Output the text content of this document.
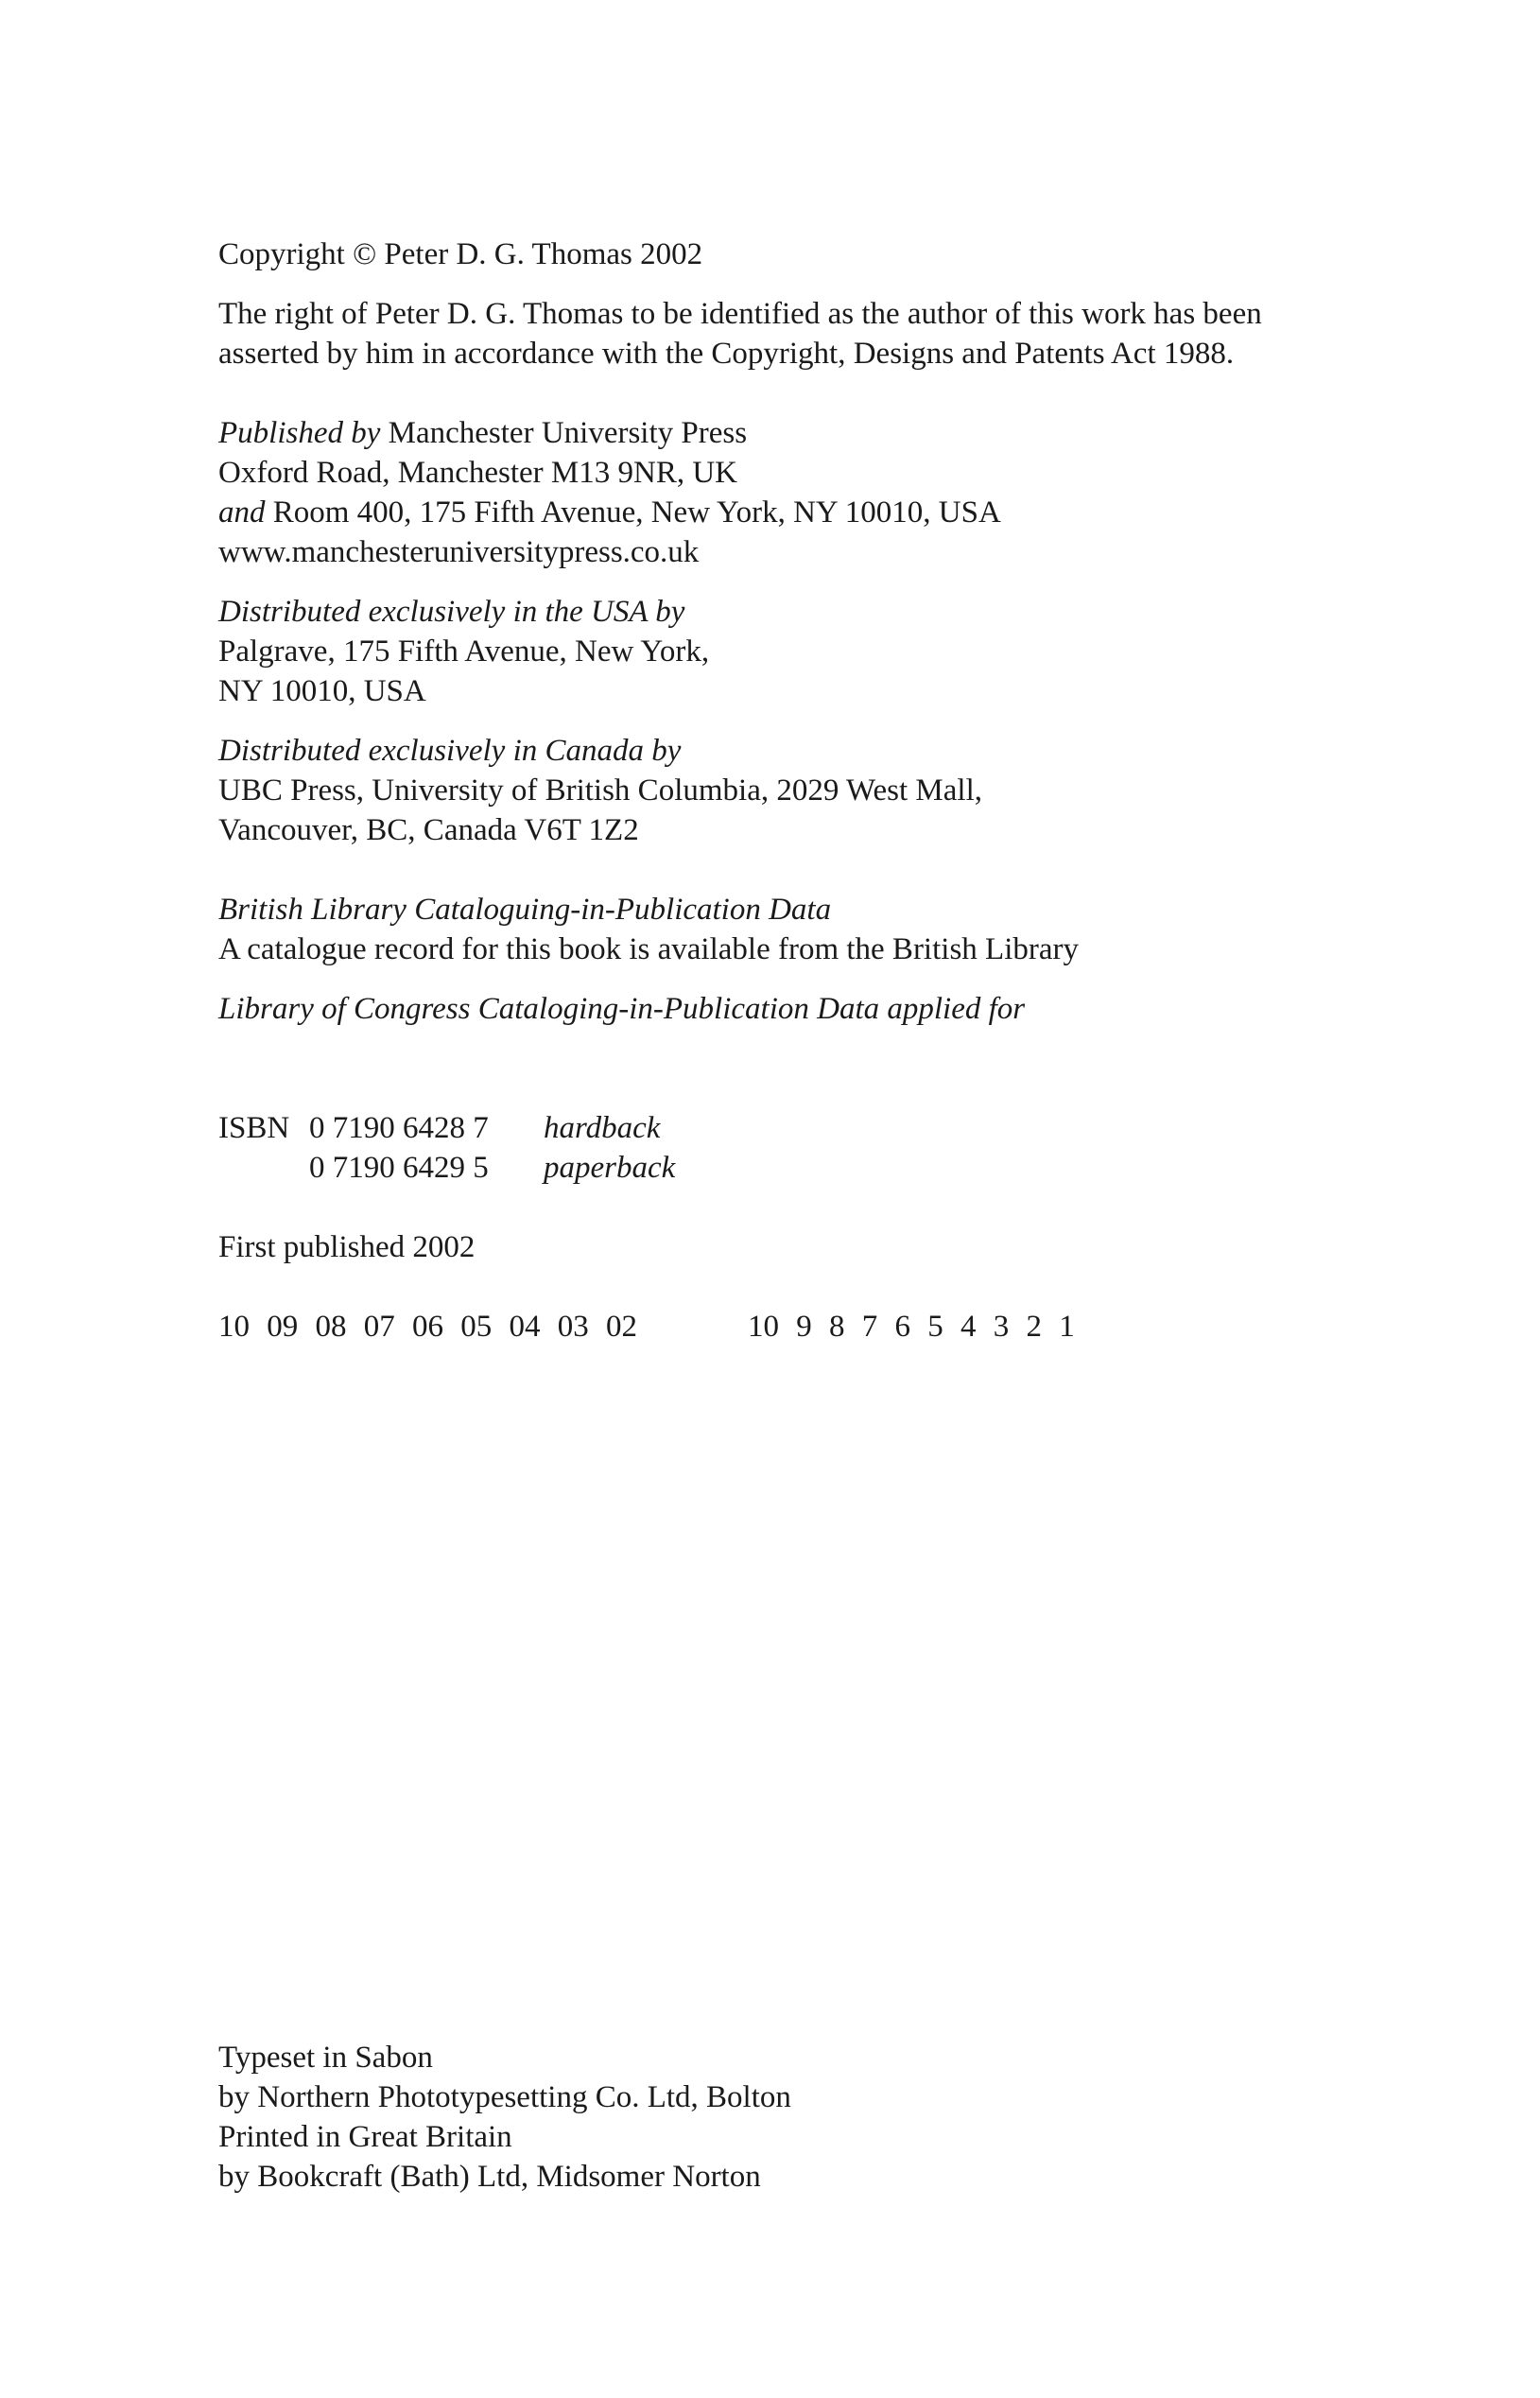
Copyright © Peter D. G. Thomas 2002
The right of Peter D. G. Thomas to be identified as the author of this work has been
asserted by him in accordance with the Copyright, Designs and Patents Act 1988.
Published by Manchester University Press
Oxford Road, Manchester M13 9NR, UK
and Room 400, 175 Fifth Avenue, New York, NY 10010, USA
www.manchesteruniversitypress.co.uk
Distributed exclusively in the USA by
Palgrave, 175 Fifth Avenue, New York,
NY 10010, USA
Distributed exclusively in Canada by
UBC Press, University of British Columbia, 2029 West Mall,
Vancouver, BC, Canada V6T 1Z2
British Library Cataloguing-in-Publication Data
A catalogue record for this book is available from the British Library
Library of Congress Cataloging-in-Publication Data applied for
ISBN 0 7190 6428 7 hardback
0 7190 6429 5 paperback
First published 2002
10 09 08 07 06 05 04 03 02	10 9 8 7 6 5 4 3 2 1
Typeset in Sabon
by Northern Phototypesetting Co. Ltd, Bolton
Printed in Great Britain
by Bookcraft (Bath) Ltd, Midsomer Norton
